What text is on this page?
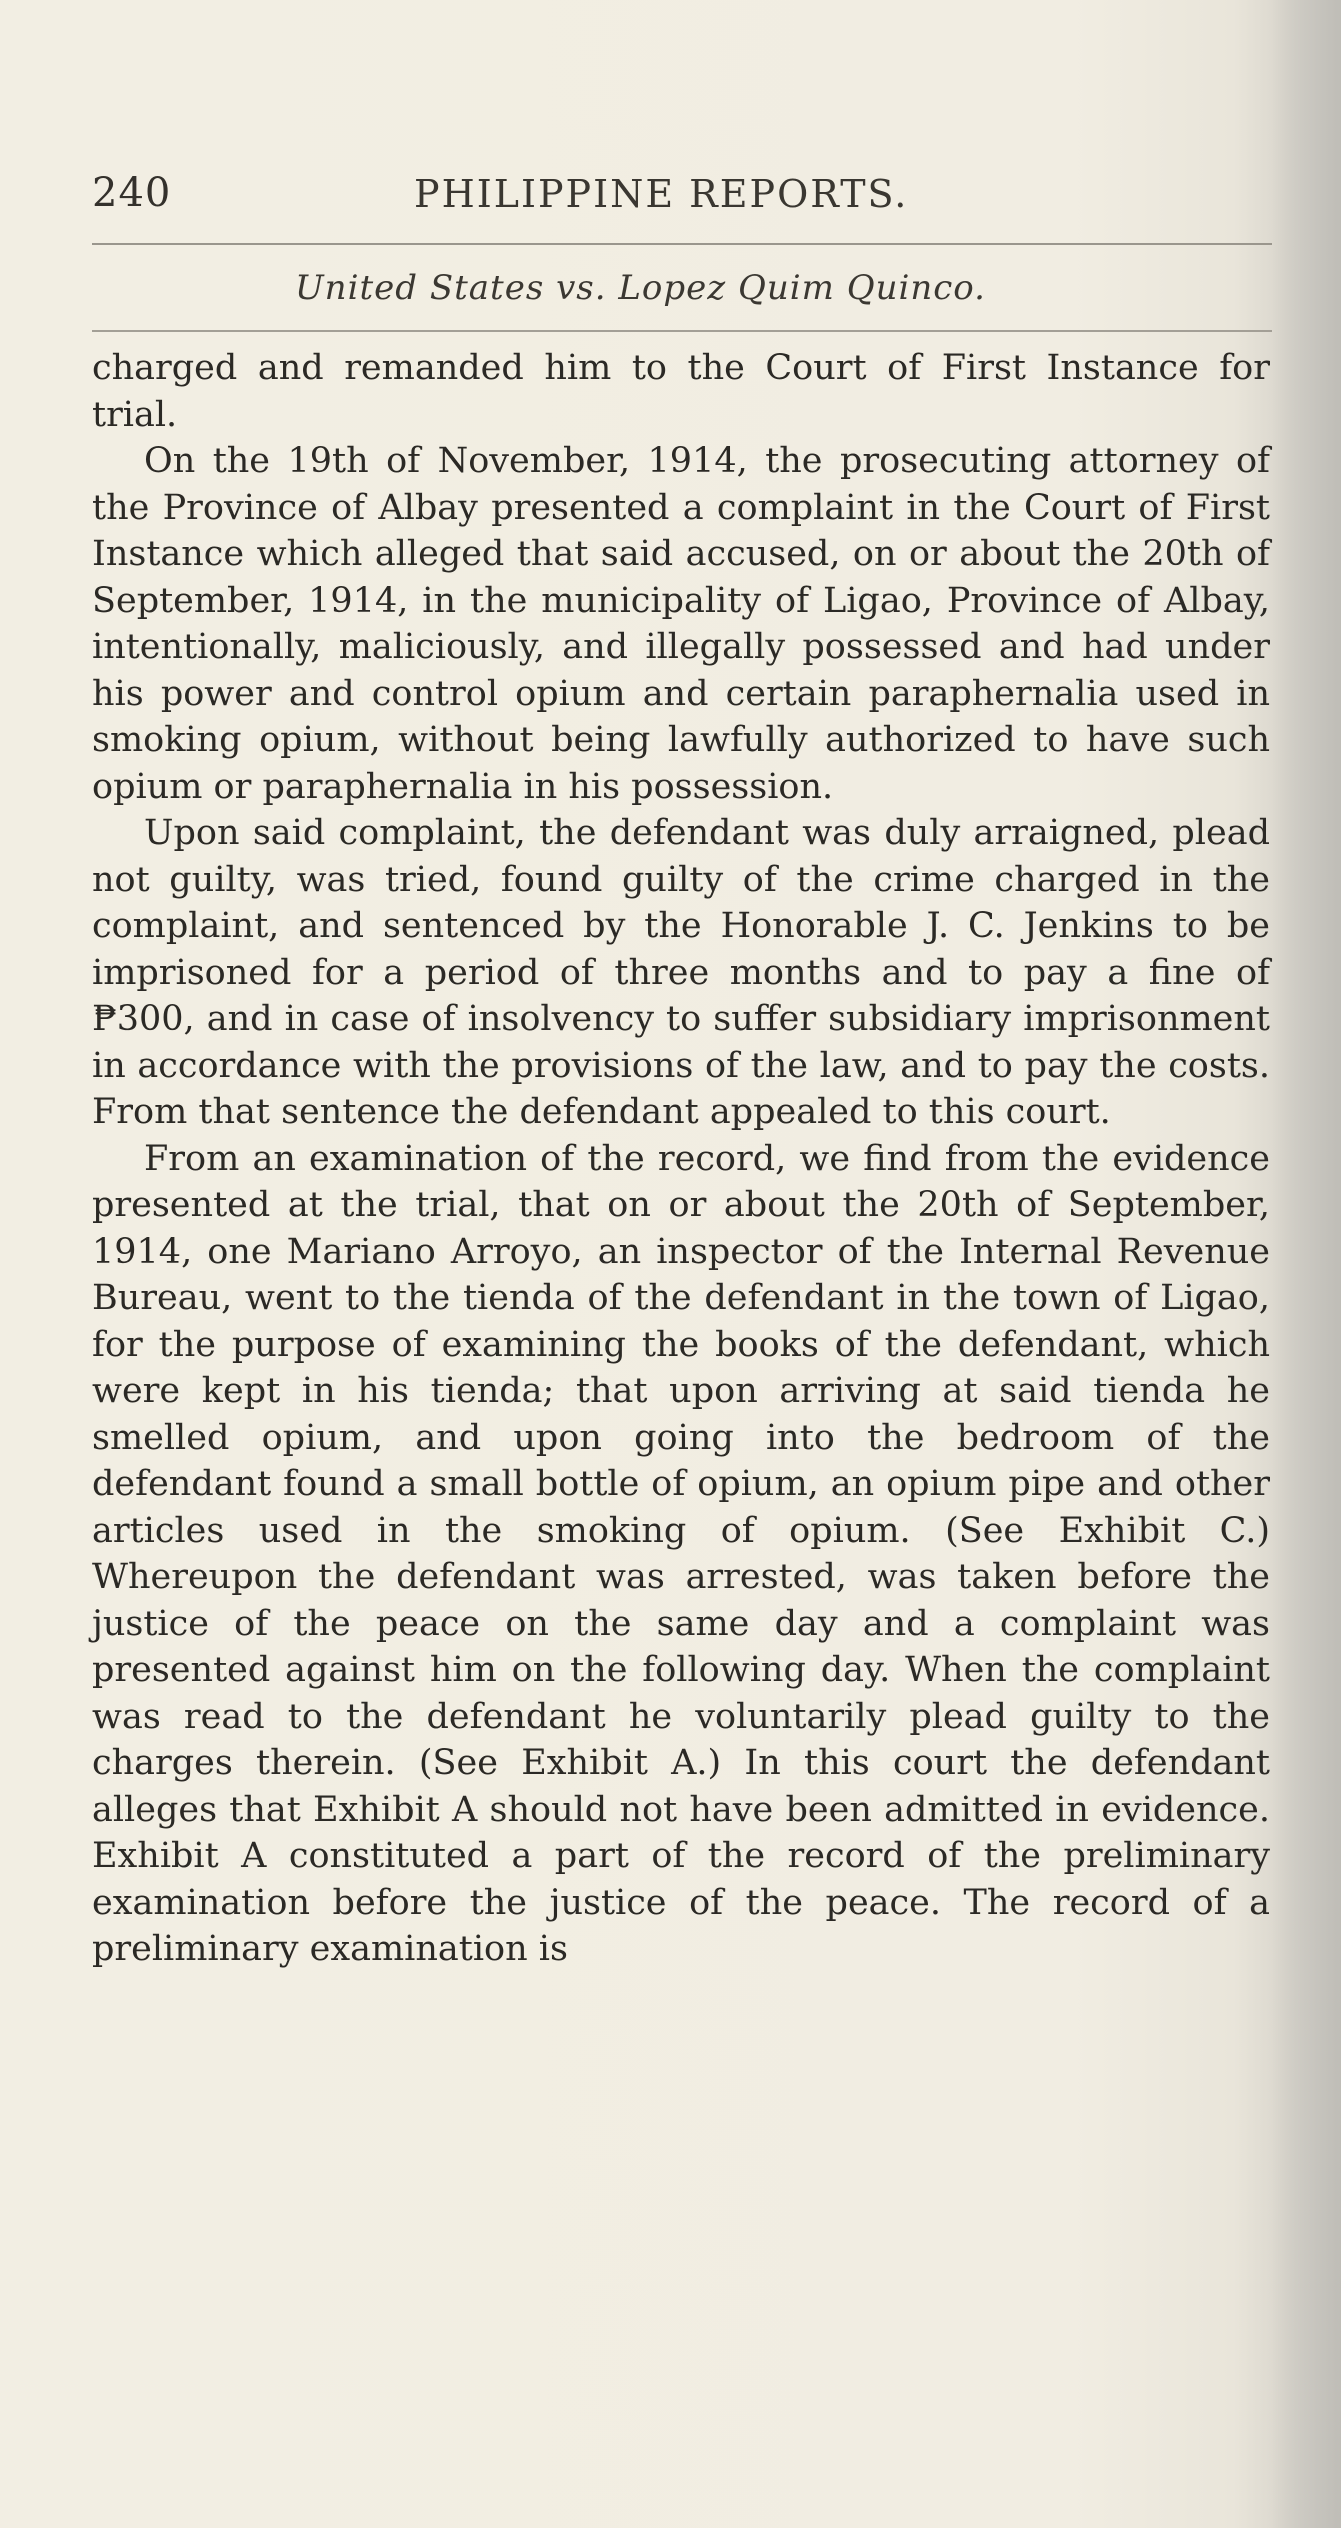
240	PHILIPPINE REPORTS.
United States vs. Lopez Quim Quinco.

charged and remanded him to the Court of First Instance for trial.

On the 19th of November, 1914, the prosecuting attorney of the Province of Albay presented a complaint in the Court of First Instance which alleged that said accused, on or about the 20th of September, 1914, in the municipality of Ligao, Province of Albay, intentionally, maliciously, and illegally possessed and had under his power and control opium and certain paraphernalia used in smoking opium, without being lawfully authorized to have such opium or paraphernalia in his possession.

Upon said complaint, the defendant was duly arraigned, plead not guilty, was tried, found guilty of the crime charged in the complaint, and sentenced by the Honorable J. C. Jenkins to be imprisoned for a period of three months and to pay a fine of ₱300, and in case of insolvency to suffer subsidiary imprisonment in accordance with the provisions of the law, and to pay the costs. From that sentence the defendant appealed to this court.

From an examination of the record, we find from the evidence presented at the trial, that on or about the 20th of September, 1914, one Mariano Arroyo, an inspector of the Internal Revenue Bureau, went to the tienda of the defendant in the town of Ligao, for the purpose of examining the books of the defendant, which were kept in his tienda; that upon arriving at said tienda he smelled opium, and upon going into the bedroom of the defendant found a small bottle of opium, an opium pipe and other articles used in the smoking of opium. (See Exhibit C.) Whereupon the defendant was arrested, was taken before the justice of the peace on the same day and a complaint was presented against him on the following day. When the complaint was read to the defendant he voluntarily plead guilty to the charges therein. (See Exhibit A.) In this court the defendant alleges that Exhibit A should not have been admitted in evidence. Exhibit A constituted a part of the record of the preliminary examination before the justice of the peace. The record of a preliminary examination is
